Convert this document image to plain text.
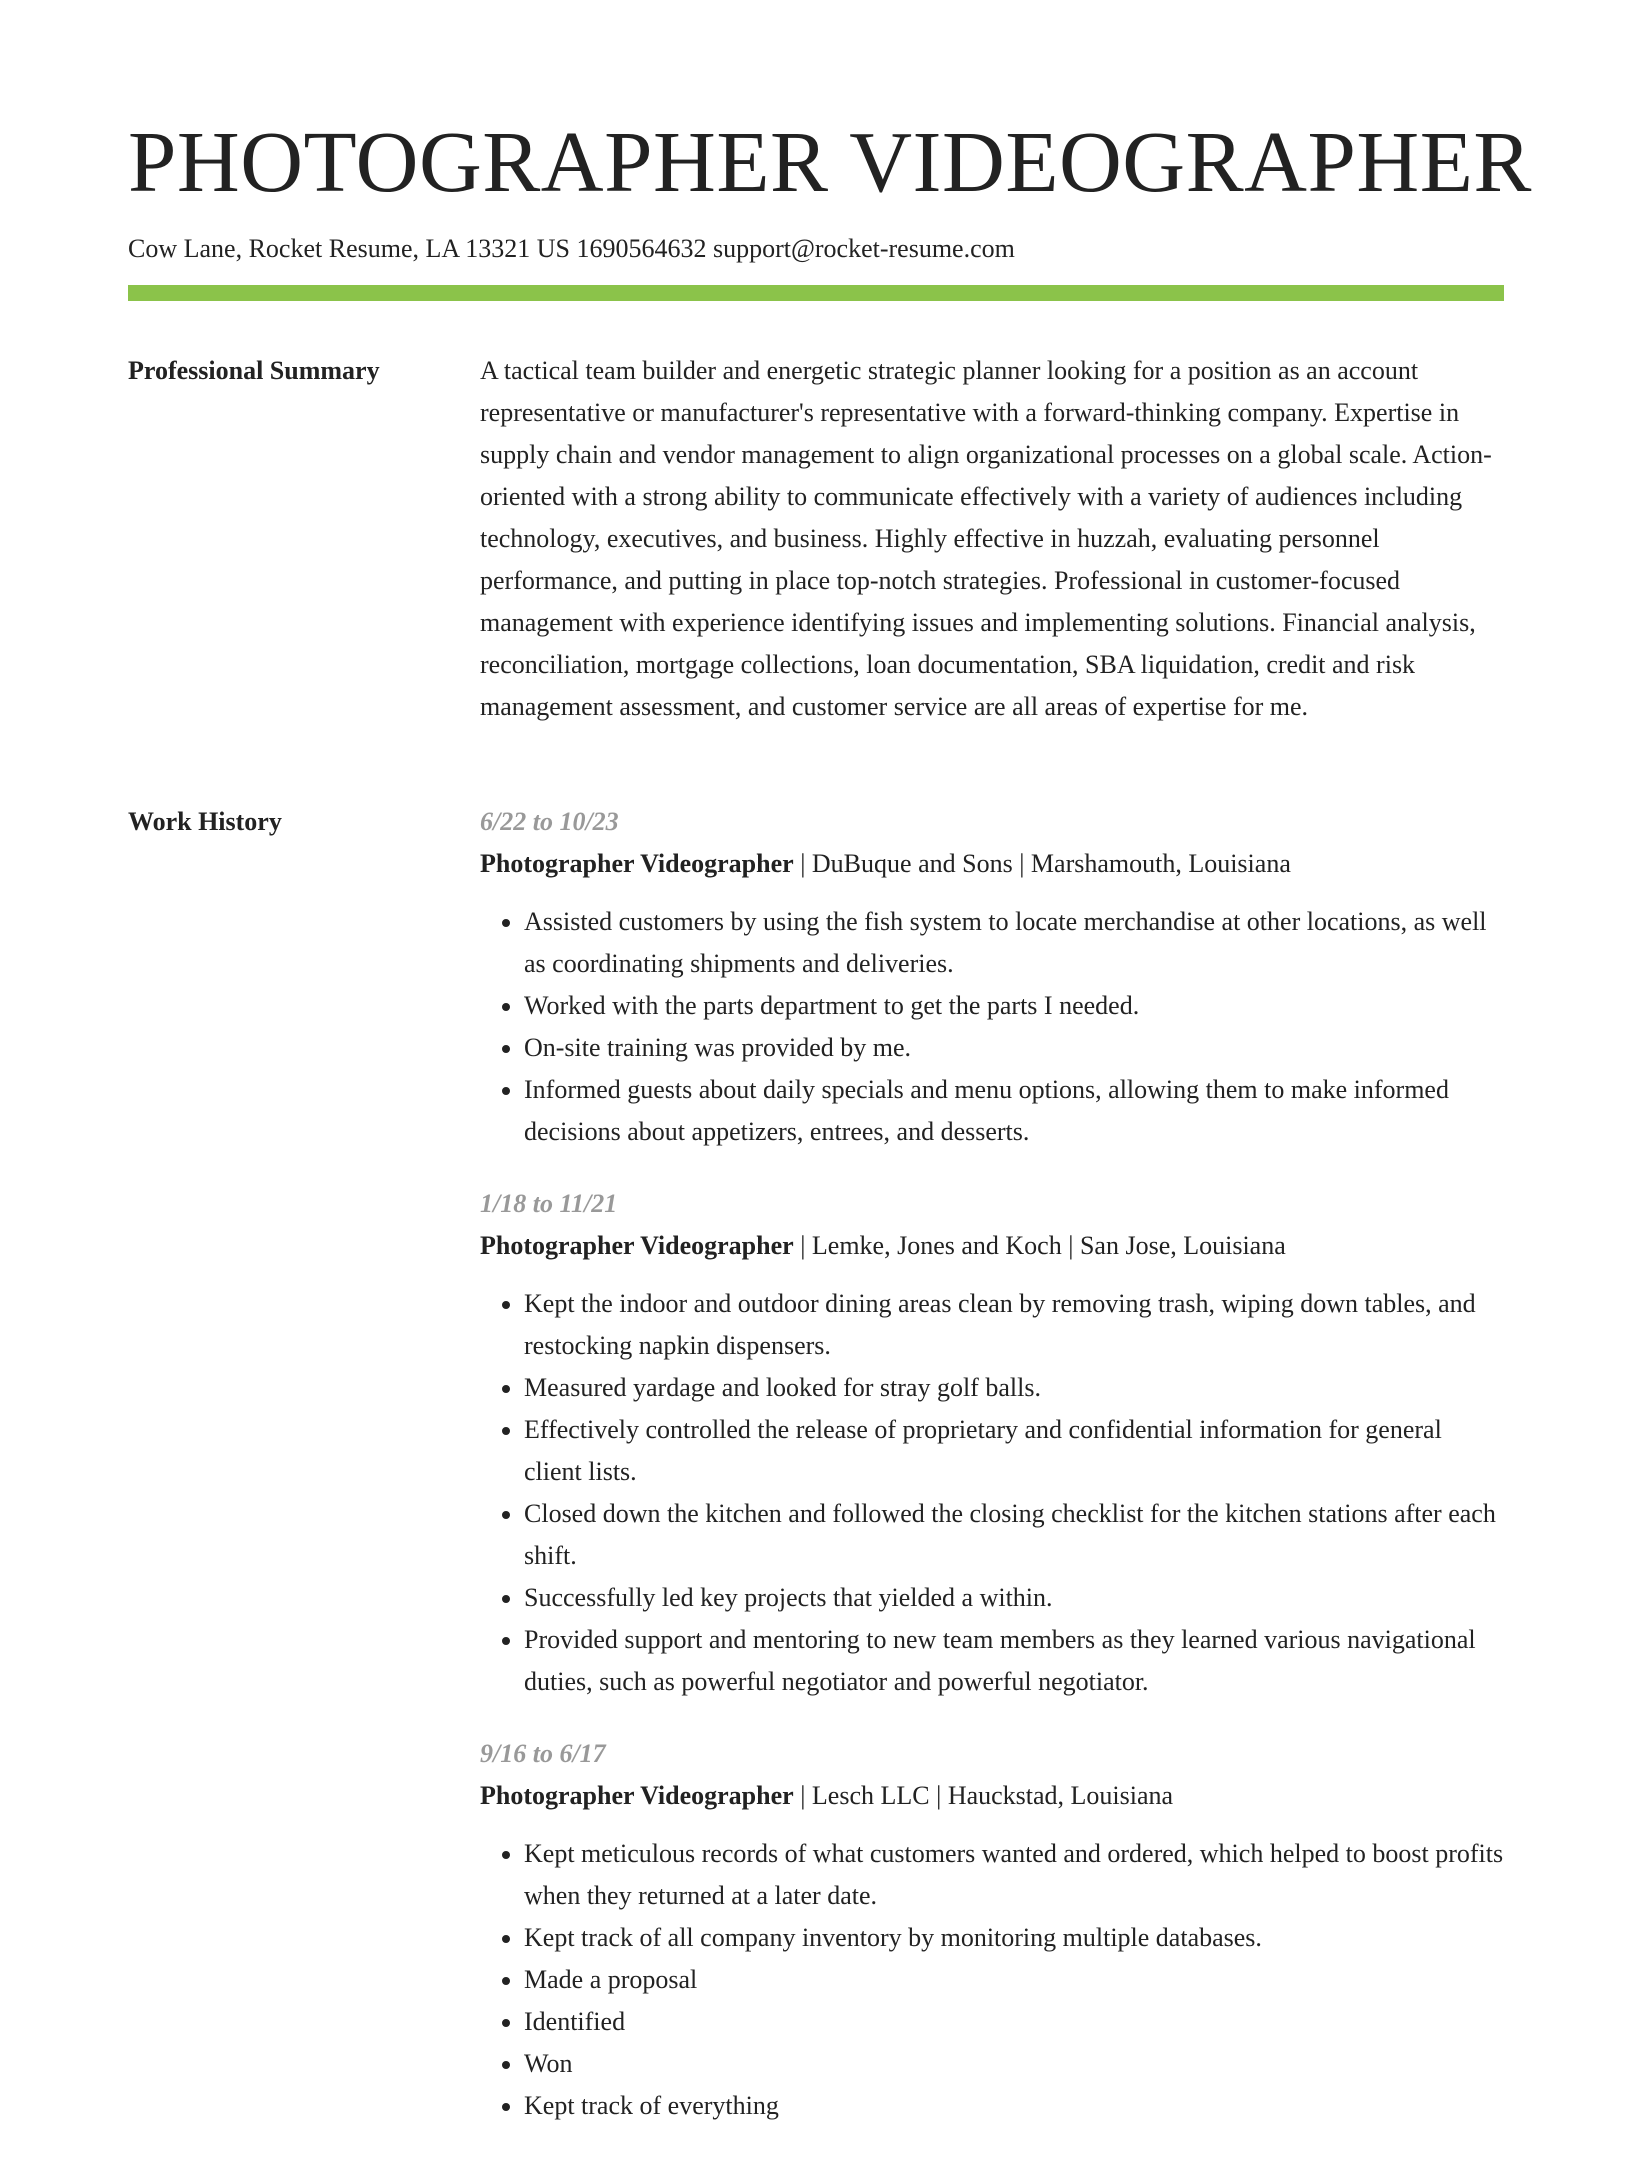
PHOTOGRAPHER VIDEOGRAPHER
Cow Lane, Rocket Resume, LA 13321 US 1690564632 support@rocket-resume.com
Professional Summary	A tactical team builder and energetic strategic planner looking for a position as an account representative or manufacturer's representative with a forward-thinking company. Expertise in supply chain and vendor management to align organizational processes on a global scale. Action-oriented with a strong ability to communicate effectively with a variety of audiences including technology, executives, and business. Highly effective in huzzah, evaluating personnel performance, and putting in place top-notch strategies. Professional in customer-focused management with experience identifying issues and implementing solutions. Financial analysis, reconciliation, mortgage collections, loan documentation, SBA liquidation, credit and risk management assessment, and customer service are all areas of expertise for me.

Work History	6/22 to 10/23
Photographer Videographer | DuBuque and Sons | Marshamouth, Louisiana
• Assisted customers by using the fish system to locate merchandise at other locations, as well as coordinating shipments and deliveries.
• Worked with the parts department to get the parts I needed.
• On-site training was provided by me.
• Informed guests about daily specials and menu options, allowing them to make informed decisions about appetizers, entrees, and desserts.
1/18 to 11/21
Photographer Videographer | Lemke, Jones and Koch | San Jose, Louisiana
• Kept the indoor and outdoor dining areas clean by removing trash, wiping down tables, and restocking napkin dispensers.
• Measured yardage and looked for stray golf balls.
• Effectively controlled the release of proprietary and confidential information for general client lists.
• Closed down the kitchen and followed the closing checklist for the kitchen stations after each shift.
• Successfully led key projects that yielded a within.
• Provided support and mentoring to new team members as they learned various navigational duties, such as powerful negotiator and powerful negotiator.
9/16 to 6/17
Photographer Videographer | Lesch LLC | Hauckstad, Louisiana
• Kept meticulous records of what customers wanted and ordered, which helped to boost profits when they returned at a later date.
• Kept track of all company inventory by monitoring multiple databases.
• Made a proposal
• Identified
• Won
• Kept track of everything
